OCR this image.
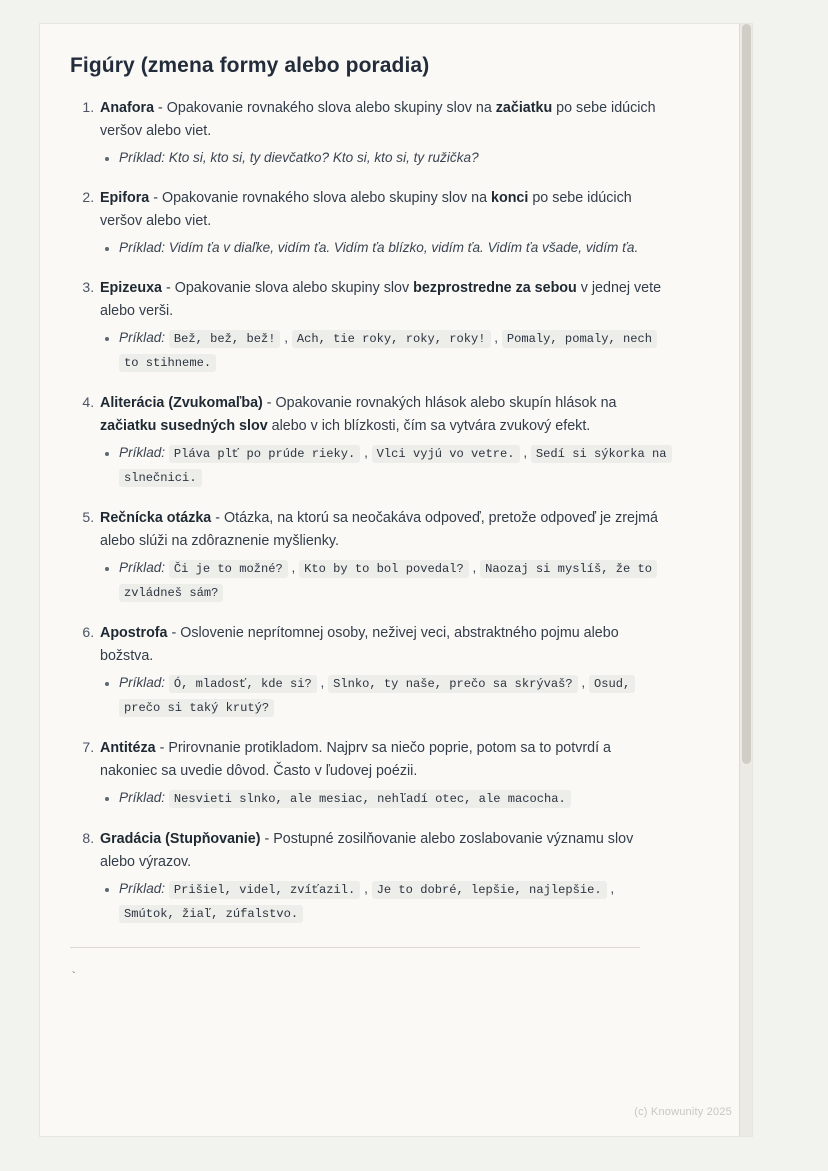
Figúry (zmena formy alebo poradia)
1. Anafora - Opakovanie rovnakého slova alebo skupiny slov na začiatku po sebe idúcich veršov alebo viet.
• Príklad: Kto si, kto si, ty dievčatko? Kto si, kto si, ty ružička?
2. Epifora - Opakovanie rovnakého slova alebo skupiny slov na konci po sebe idúcich veršov alebo viet.
• Príklad: Vidím ťa v diaľke, vidím ťa. Vidím ťa blízko, vidím ťa. Vidím ťa všade, vidím ťa.
3. Epizeuxa - Opakovanie slova alebo skupiny slov bezprostredne za sebou v jednej vete alebo verši.
• Príklad: Bež, bež, bež! , Ach, tie roky, roky, roky! , Pomaly, pomaly, nech to stihneme.
4. Aliterácia (Zvukomaľba) - Opakovanie rovnakých hlások alebo skupín hlások na začiatku susedných slov alebo v ich blízkosti, čím sa vytvára zvukový efekt.
• Príklad: Pláva plť po prúde rieky. , Vlci vyjú vo vetre. , Sedí si sýkorka na slnečnici.
5. Rečnícka otázka - Otázka, na ktorú sa neočakáva odpoveď, pretože odpoveď je zrejmá alebo slúži na zdôraznenie myšlienky.
• Príklad: Či je to možné? , Kto by to bol povedal? , Naozaj si myslíš, že to zvládneš sám?
6. Apostrofa - Oslovenie neprítomnej osoby, neživej veci, abstraktného pojmu alebo božstva.
• Príklad: Ó, mladosť, kde si? , Slnko, ty naše, prečo sa skrývaš? , Osud, prečo si taký krutý?
7. Antitéza - Prirovnanie protikladom. Najprv sa niečo poprie, potom sa to potvrdí a nakoniec sa uvedie dôvod. Často v ľudovej poézii.
• Príklad: Nesvieti slnko, ale mesiac, nehľadí otec, ale macocha.
8. Gradácia (Stupňovanie) - Postupné zosilňovanie alebo zoslabovanie významu slov alebo výrazov.
• Príklad: Prišiel, videl, zvíťazil. , Je to dobré, lepšie, najlepšie. , Smútok, žiaľ, zúfalstvo.
`
(c) Knowunity 2025
